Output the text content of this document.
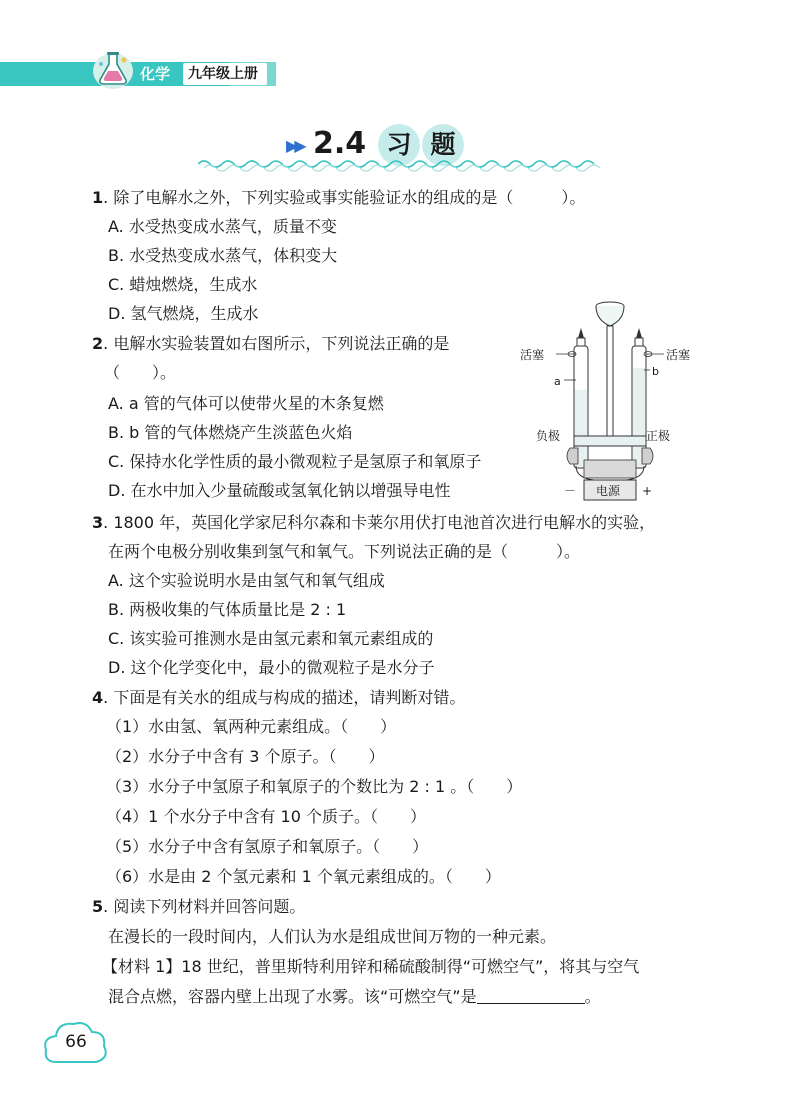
化学 九年级上册
▶▶ 2.4 习 题
1. 除了电解水之外，下列实验或事实能验证水的组成的是（　　　）。
A. 水受热变成水蒸气，质量不变
B. 水受热变成水蒸气，体积变大
C. 蜡烛燃烧，生成水
D. 氢气燃烧，生成水
2. 电解水实验装置如右图所示，下列说法正确的是
（　　）。
A. a 管的气体可以使带火星的木条复燃
B. b 管的气体燃烧产生淡蓝色火焰
C. 保持水化学性质的最小微观粒子是氢原子和氧原子
D. 在水中加入少量硫酸或氢氧化钠以增强导电性
活塞	活塞
a
b
负极	正极
电源
－	+
3. 1800 年，英国化学家尼科尔森和卡莱尔用伏打电池首次进行电解水的实验，
在两个电极分别收集到氢气和氧气。下列说法正确的是（　　　）。
A. 这个实验说明水是由氢气和氧气组成
B. 两极收集的气体质量比是 2 : 1
C. 该实验可推测水是由氢元素和氧元素组成的
D. 这个化学变化中，最小的微观粒子是水分子
4. 下面是有关水的组成与构成的描述，请判断对错。
（1）水由氢、氧两种元素组成。（　　）
（2）水分子中含有 3 个原子。（　　）
（3）水分子中氢原子和氧原子的个数比为 2 : 1 。（　　）
（4）1 个水分子中含有 10 个质子。（　　）
（5）水分子中含有氢原子和氧原子。（　　）
（6）水是由 2 个氢元素和 1 个氧元素组成的。（　　）
5. 阅读下列材料并回答问题。
在漫长的一段时间内，人们认为水是组成世间万物的一种元素。
【材料 1】18 世纪，普里斯特利用锌和稀硫酸制得“可燃空气”，将其与空气
混合点燃，容器内壁上出现了水雾。该“可燃空气”是	。
66
